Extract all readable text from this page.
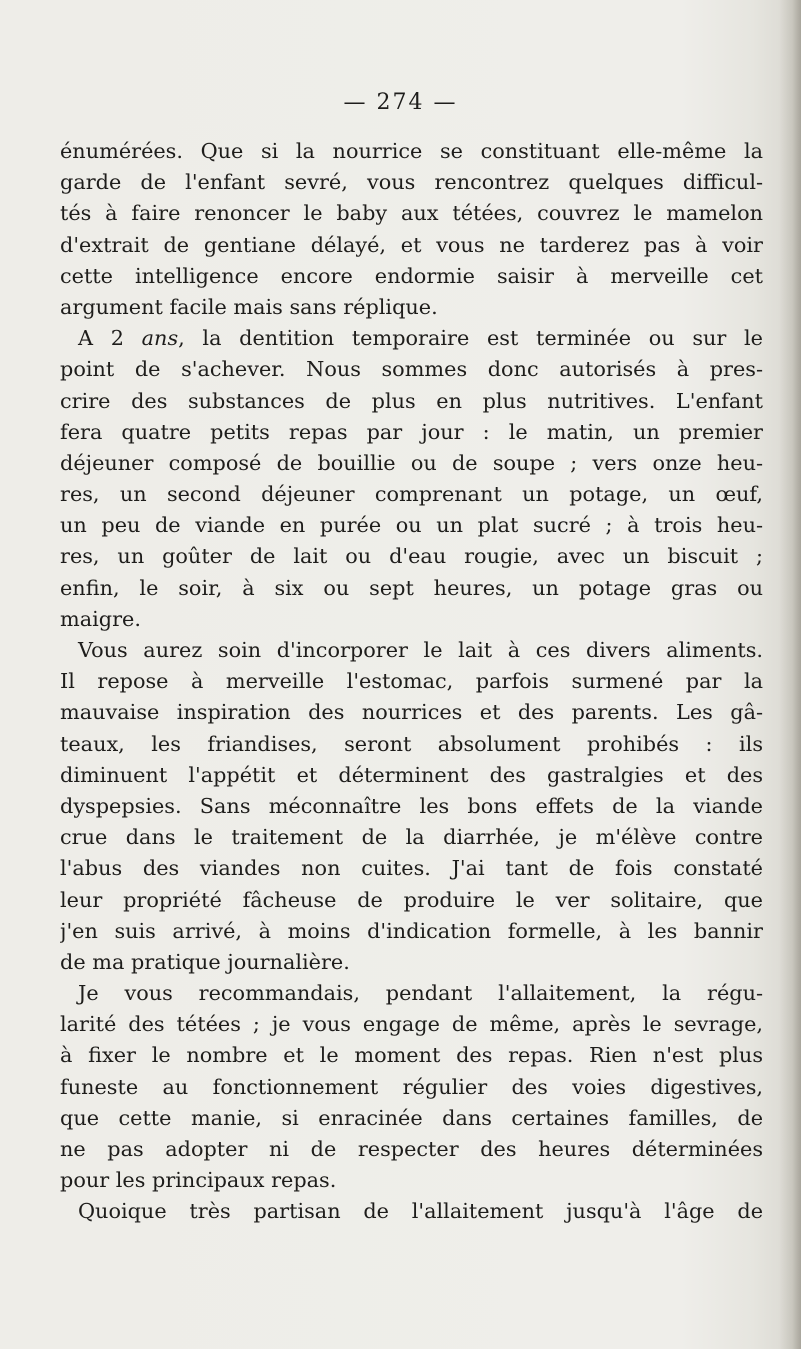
— 274 —
énumérées. Que si la nourrice se constituant elle-même la
garde de l'enfant sevré, vous rencontrez quelques difficul-
tés à faire renoncer le baby aux tétées, couvrez le mamelon
d'extrait de gentiane délayé, et vous ne tarderez pas à voir
cette intelligence encore endormie saisir à merveille cet
argument facile mais sans réplique.
A 2 ans, la dentition temporaire est terminée ou sur le
point de s'achever. Nous sommes donc autorisés à pres-
crire des substances de plus en plus nutritives. L'enfant
fera quatre petits repas par jour : le matin, un premier
déjeuner composé de bouillie ou de soupe ; vers onze heu-
res, un second déjeuner comprenant un potage, un œuf,
un peu de viande en purée ou un plat sucré ; à trois heu-
res, un goûter de lait ou d'eau rougie, avec un biscuit ;
enfin, le soir, à six ou sept heures, un potage gras ou
maigre.
Vous aurez soin d'incorporer le lait à ces divers aliments.
Il repose à merveille l'estomac, parfois surmené par la
mauvaise inspiration des nourrices et des parents. Les gâ-
teaux, les friandises, seront absolument prohibés : ils
diminuent l'appétit et déterminent des gastralgies et des
dyspepsies. Sans méconnaître les bons effets de la viande
crue dans le traitement de la diarrhée, je m'élève contre
l'abus des viandes non cuites. J'ai tant de fois constaté
leur propriété fâcheuse de produire le ver solitaire, que
j'en suis arrivé, à moins d'indication formelle, à les bannir
de ma pratique journalière.
Je vous recommandais, pendant l'allaitement, la régu-
larité des tétées ; je vous engage de même, après le sevrage,
à fixer le nombre et le moment des repas. Rien n'est plus
funeste au fonctionnement régulier des voies digestives,
que cette manie, si enracinée dans certaines familles, de
ne pas adopter ni de respecter des heures déterminées
pour les principaux repas.
Quoique très partisan de l'allaitement jusqu'à l'âge de
